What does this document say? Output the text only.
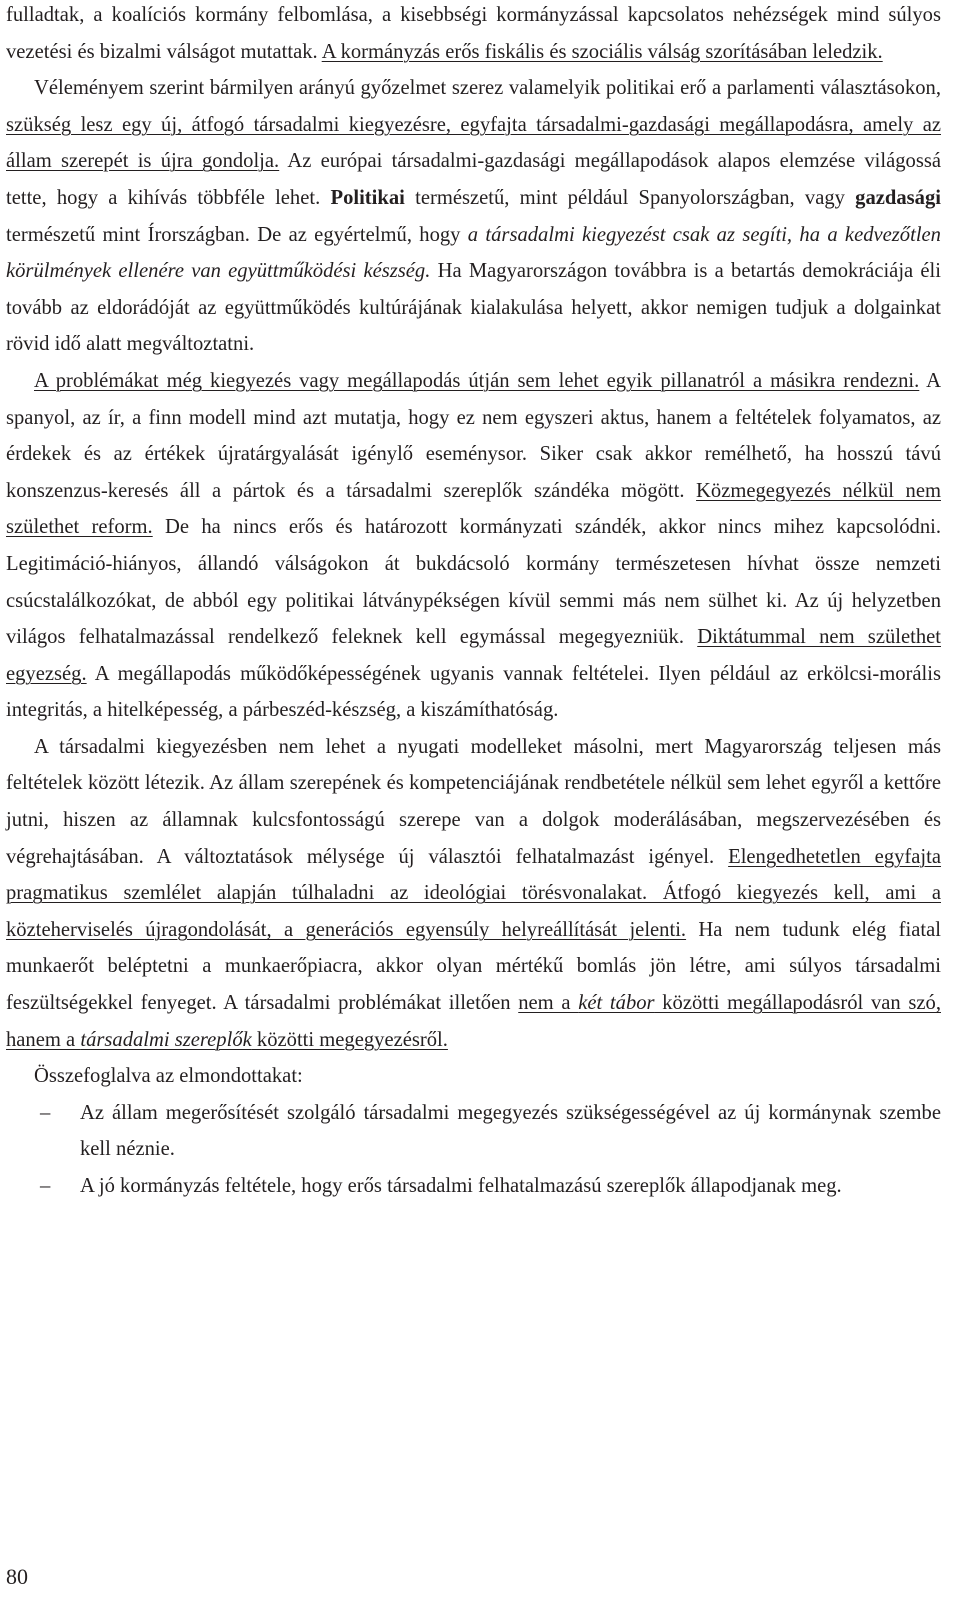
fulladtak, a koalíciós kormány felbomlása, a kisebbségi kormányzással kapcsolatos nehézségek mind súlyos vezetési és bizalmi válságot mutattak. A kormányzás erős fiskális és szociális válság szorításában leledzik.

Véleményem szerint bármilyen arányú győzelmet szerez valamelyik politikai erő a parlamenti választásokon, szükség lesz egy új, átfogó társadalmi kiegyezésre, egyfajta társadalmi-gazdasági megállapodásra, amely az állam szerepét is újra gondolja. Az európai társadalmi-gazdasági megállapodások alapos elemzése világossá tette, hogy a kihívás többféle lehet. Politikai természetű, mint például Spanyolországban, vagy gazdasági természetű mint Írországban. De az egyértelmű, hogy a társadalmi kiegyezést csak az segíti, ha a kedvezőtlen körülmények ellenére van együttműködési készség. Ha Magyarországon továbbra is a betartás demokráciája éli tovább az eldorádóját az együttműködés kultúrájának kialakulása helyett, akkor nemigen tudjuk a dolgainkat rövid idő alatt megváltoztatni.

A problémákat még kiegyezés vagy megállapodás útján sem lehet egyik pillanatról a másikra rendezni. A spanyol, az ír, a finn modell mind azt mutatja, hogy ez nem egyszeri aktus, hanem a feltételek folyamatos, az érdekek és az értékek újratárgyalását igénylő eseménysor. Siker csak akkor remélhető, ha hosszú távú konszenzus-keresés áll a pártok és a társadalmi szereplők szándéka mögött. Közmegegyezés nélkül nem születhet reform. De ha nincs erős és határozott kormányzati szándék, akkor nincs mihez kapcsolódni. Legitimáció-hiányos, állandó válságokon át bukdácsoló kormány természetesen hívhat össze nemzeti csúcstalálkozókat, de abból egy politikai látványpékségen kívül semmi más nem sülhet ki. Az új helyzetben világos felhatalmazással rendelkező feleknek kell egymással megegyezniük. Diktátummal nem születhet egyezség. A megállapodás működőképességének ugyanis vannak feltételei. Ilyen például az erkölcsi-morális integritás, a hitelképesség, a párbeszéd-készség, a kiszámíthatóság.

A társadalmi kiegyezésben nem lehet a nyugati modelleket másolni, mert Magyarország teljesen más feltételek között létezik. Az állam szerepének és kompetenciájának rendbetétele nélkül sem lehet egyről a kettőre jutni, hiszen az államnak kulcsfontosságú szerepe van a dolgok moderálásában, megszervezésében és végrehajtásában. A változtatások mélysége új választói felhatalmazást igényel. Elengedhetetlen egyfajta pragmatikus szemlélet alapján túlhaladni az ideológiai törésvonalakat. Átfogó kiegyezés kell, ami a közteherviselés újragondolását, a generációs egyensúly helyreállítását jelenti. Ha nem tudunk elég fiatal munkaerőt beléptetni a munkaerőpiacra, akkor olyan mértékű bomlás jön létre, ami súlyos társadalmi feszültségekkel fenyeget. A társadalmi problémákat illetően nem a két tábor közötti megállapodásról van szó, hanem a társadalmi szereplők közötti megegyezésről.

Összefoglalva az elmondottakat:

– Az állam megerősítését szolgáló társadalmi megegyezés szükségességével az új kormánynak szembe kell néznie.

– A jó kormányzás feltétele, hogy erős társadalmi felhatalmazású szereplők állapodjanak meg.

80
